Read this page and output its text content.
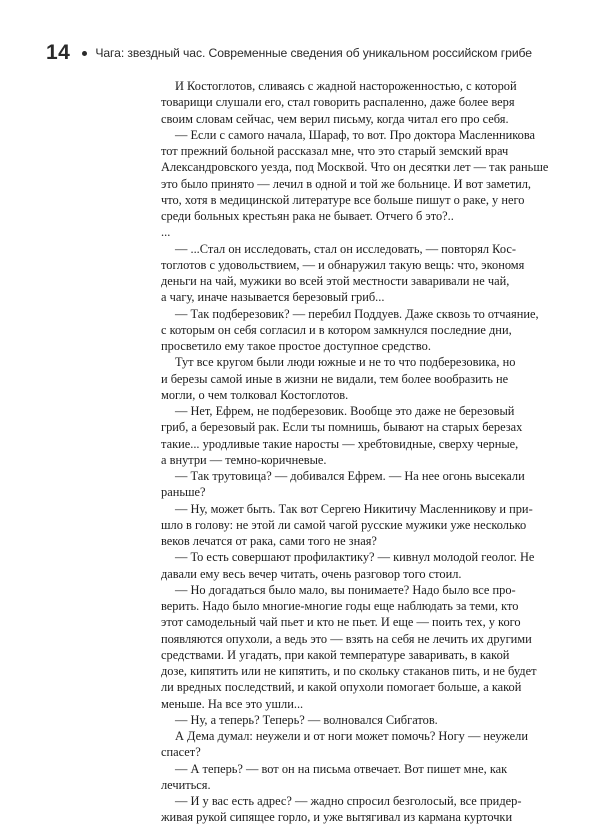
14 Чага: звездный час. Современные сведения об уникальном российском грибе
И Костоглотов, сливаясь с жадной настороженностью, с которой
товарищи слушали его, стал говорить распаленно, даже более веря
своим словам сейчас, чем верил письму, когда читал его про себя.
— Если с самого начала, Шараф, то вот. Про доктора Масленникова
тот прежний больной рассказал мне, что это старый земский врач
Александровского уезда, под Москвой. Что он десятки лет — так раньше
это было принято — лечил в одной и той же больнице. И вот заметил,
что, хотя в медицинской литературе все больше пишут о раке, у него
среди больных крестьян рака не бывает. Отчего б это?..
...
— ...Стал он исследовать, стал он исследовать, — повторял Кос-
тоглотов с удовольствием, — и обнаружил такую вещь: что, экономя
деньги на чай, мужики во всей этой местности заваривали не чай,
а чагу, иначе называется березовый гриб...
— Так подберезовик? — перебил Поддуев. Даже сквозь то отчаяние,
с которым он себя согласил и в котором замкнулся последние дни,
просветило ему такое простое доступное средство.
Тут все кругом были люди южные и не то что подберезовика, но
и березы самой иные в жизни не видали, тем более вообразить не
могли, о чем толковал Костоглотов.
— Нет, Ефрем, не подберезовик. Вообще это даже не березовый
гриб, а березовый рак. Если ты помнишь, бывают на старых березах
такие... уродливые такие наросты — хребтовидные, сверху черные,
а внутри — темно-коричневые.
— Так трутовица? — добивался Ефрем. — На нее огонь высекали
раньше?
— Ну, может быть. Так вот Сергею Никитичу Масленникову и при-
шло в голову: не этой ли самой чагой русские мужики уже несколько
веков лечатся от рака, сами того не зная?
— То есть совершают профилактику? — кивнул молодой геолог. Не
давали ему весь вечер читать, очень разговор того стоил.
— Но догадаться было мало, вы понимаете? Надо было все про-
верить. Надо было многие-многие годы еще наблюдать за теми, кто
этот самодельный чай пьет и кто не пьет. И еще — поить тех, у кого
появляются опухоли, а ведь это — взять на себя не лечить их другими
средствами. И угадать, при какой температуре заваривать, в какой
дозе, кипятить или не кипятить, и по скольку стаканов пить, и не будет
ли вредных последствий, и какой опухоли помогает больше, а какой
меньше. На все это ушли...
— Ну, а теперь? Теперь? — волновался Сибгатов.
А Дема думал: неужели и от ноги может помочь? Ногу — неужели
спасет?
— А теперь? — вот он на письма отвечает. Вот пишет мне, как
лечиться.
— И у вас есть адрес? — жадно спросил безголосый, все придер-
живая рукой сипящее горло, и уже вытягивал из кармана курточки
